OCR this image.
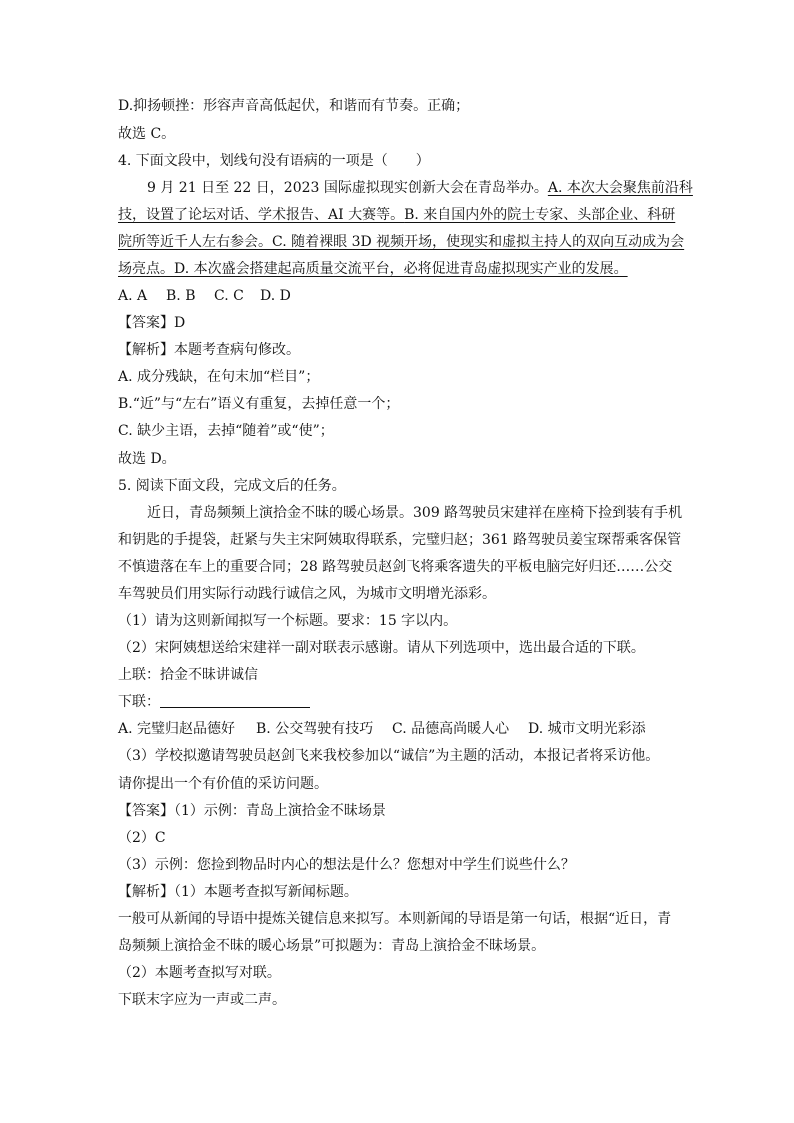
D.抑扬顿挫：形容声音高低起伏，和谐而有节奏。正确；
故选 C。
4. 下面文段中，划线句没有语病的一项是（　　）
9 月 21 日至 22 日，2023 国际虚拟现实创新大会在青岛举办。A. 本次大会聚焦前沿科
技，设置了论坛对话、学术报告、AI 大赛等。B. 来自国内外的院士专家、头部企业、科研
院所等近千人左右参会。C. 随着裸眼 3D 视频开场，使现实和虚拟主持人的双向互动成为会
场亮点。D. 本次盛会搭建起高质量交流平台，必将促进青岛虚拟现实产业的发展。
A. A B. B C. C D. D
【答案】D
【解析】本题考查病句修改。
A. 成分残缺，在句末加“栏目”；
B.“近”与“左右”语义有重复，去掉任意一个；
C. 缺少主语，去掉“随着”或“使”；
故选 D。
5. 阅读下面文段，完成文后的任务。
近日，青岛频频上演拾金不昧的暖心场景。309 路驾驶员宋建祥在座椅下捡到装有手机
和钥匙的手提袋，赶紧与失主宋阿姨取得联系，完璧归赵；361 路驾驶员姜宝琛帮乘客保管
不慎遗落在车上的重要合同；28 路驾驶员赵剑飞将乘客遗失的平板电脑完好归还……公交
车驾驶员们用实际行动践行诚信之风，为城市文明增光添彩。
（1）请为这则新闻拟写一个标题。要求：15 字以内。
（2）宋阿姨想送给宋建祥一副对联表示感谢。请从下列选项中，选出最合适的下联。
上联：拾金不昧讲诚信
下联：
A. 完璧归赵品德好 B. 公交驾驶有技巧 C. 品德高尚暖人心 D. 城市文明光彩添
（3）学校拟邀请驾驶员赵剑飞来我校参加以“诚信”为主题的活动，本报记者将采访他。
请你提出一个有价值的采访问题。
【答案】（1）示例：青岛上演拾金不昧场景
（2）C
（3）示例：您捡到物品时内心的想法是什么？您想对中学生们说些什么？
【解析】（1）本题考查拟写新闻标题。
一般可从新闻的导语中提炼关键信息来拟写。本则新闻的导语是第一句话，根据“近日，青
岛频频上演拾金不昧的暖心场景”可拟题为：青岛上演拾金不昧场景。
（2）本题考查拟写对联。
下联末字应为一声或二声。
